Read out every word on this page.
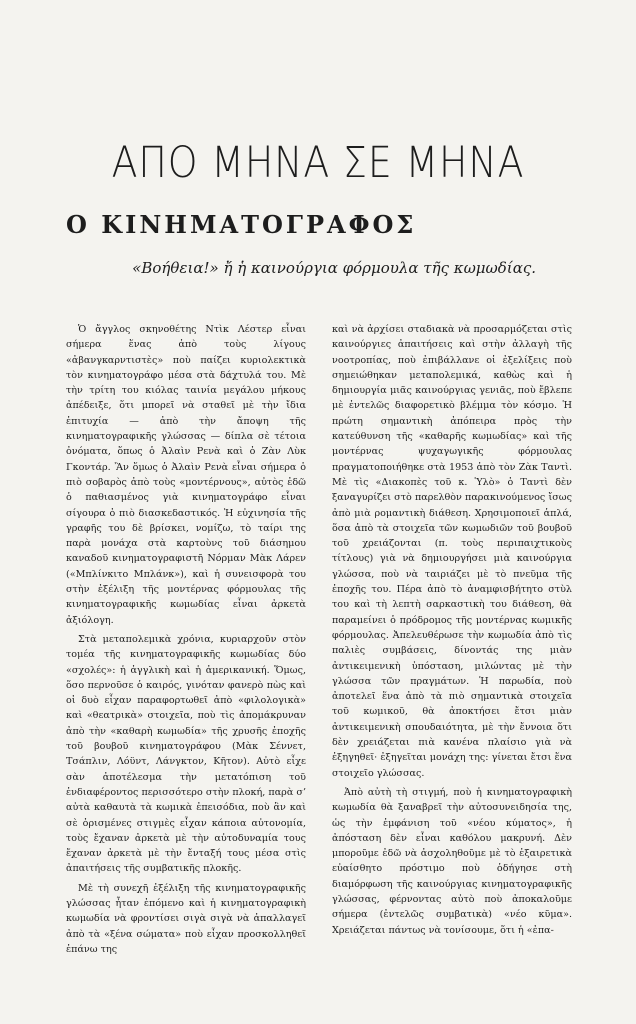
ΑΠΟ ΜΗΝΑ ΣΕ ΜΗΝΑ
Ο ΚΙΝΗΜΑΤΟΓΡΑΦΟΣ

«Βοήθεια!» ἤ ἡ καινούργια φόρμουλα τῆς κωμωδίας.

Ὁ ἄγγλος σκηνοθέτης Ντὶκ Λέστερ εἶναι σήμερα ἕνας ἀπὸ τοὺς λίγους «ἀβανγκαρντιστὲς» ποὺ παίζει κυριολεκτικὰ τὸν κινηματογράφο μέσα στὰ δάχτυλά του. Μὲ τὴν τρίτη του κιόλας ταινία μεγάλου μήκους ἀπέδειξε, ὅτι μπορεῖ νὰ σταθεῖ μὲ τὴν ἴδια ἐπιτυχία — ἀπὸ τὴν ἄποψη τῆς κινηματογραφικῆς γλώσσας — δίπλα σὲ τέτοια ὀνόματα, ὅπως ὁ Ἀλαὶν Ρενὰ καὶ ὁ Ζὰν Λὺκ Γκοντάρ. Ἂν ὅμως ὁ Ἀλαὶν Ρενὰ εἶναι σήμερα ὁ πιὸ σοβαρὸς ἀπὸ τοὺς «μοντέρνους», αὐτὸς ἐδῶ ὁ παθιασμένος γιὰ κινηματογράφο εἶναι σίγουρα ὁ πιὸ διασκεδαστικός. Ἡ εὐχινησία τῆς γραφῆς του δὲ βρίσκει, νομίζω, τὸ ταίρι της παρὰ μονάχα στὰ καρτοὺνς τοῦ διάσημου καναδοῦ κινηματογραφιστῆ Νόρμαν Μὰκ Λάρεν («Μπλίνκιτο Μπλάνκ»), καὶ ἡ συνεισφορὰ του στὴν ἐξέλιξη τῆς μοντέρνας φόρμουλας τῆς κινηματογραφικῆς κωμωδίας εἶναι ἀρκετὰ ἀξιόλογη.

Στὰ μεταπολεμικὰ χρόνια, κυριαρχοῦν στὸν τομέα τῆς κινηματογραφικῆς κωμωδίας δύο «σχολές»: ἡ ἀγγλικὴ καὶ ἡ ἀμερικανική. Ὅμως, ὅσο περνοῦσε ὁ καιρός, γινόταν φανερὸ πὼς καὶ οἱ δυὸ εἶχαν παραφορτωθεῖ ἀπὸ «φιλολογικὰ» καὶ «θεατρικὰ» στοιχεῖα, ποὺ τὶς ἀπομάκρυναν ἀπὸ τὴν «καθαρὴ κωμωδία» τῆς χρυσῆς ἐποχῆς τοῦ βουβοῦ κινηματογράφου (Μὰκ Σέννετ, Τσάπλιν, Λόϋντ, Λάνγκτον, Κῆτον). Αὐτὸ εἶχε σὰν ἀποτέλεσμα τὴν μετατόπιση τοῦ ἐνδιαφέροντος περισσότερο στὴν πλοκή, παρὰ σ’ αὐτὰ καθαυτὰ τὰ κωμικὰ ἐπεισόδια, ποὺ ἂν καὶ σὲ ὁρισμένες στιγμὲς εἶχαν κάποια αὐτονομία, τοὺς ἔχαναν ἀρκετὰ μὲ τὴν αὐτοδυναμία τους ἔχαναν ἀρκετὰ μὲ τὴν ἔνταξή τους μέσα στὶς ἀπαιτήσεις τῆς συμβατικῆς πλοκῆς.

Μὲ τὴ συνεχῆ ἐξέλιξη τῆς κινηματογραφικῆς γλώσσας ἦταν ἑπόμενο καὶ ἡ κινηματογραφικὴ κωμωδία νὰ φροντίσει σιγὰ σιγὰ νὰ ἀπαλλαγεῖ ἀπὸ τὰ «ξένα σώματα» ποὺ εἶχαν προσκολληθεῖ ἐπάνω της

καὶ νὰ ἀρχίσει σταδιακὰ νὰ προσαρμόζεται στὶς καινούργιες ἀπαιτήσεις καὶ στὴν ἀλλαγὴ τῆς νοοτροπίας, ποὺ ἐπιβάλλανε οἱ ἐξελίξεις ποὺ σημειώθηκαν μεταπολεμικά, καθὼς καὶ ἡ δημιουργία μιᾶς καινούργιας γενιᾶς, ποὺ ἔβλεπε μὲ ἐντελῶς διαφορετικὸ βλέμμα τὸν κόσμο. Ἡ πρώτη σημαντικὴ ἀπόπειρα πρὸς τὴν κατεύθυνση τῆς «καθαρῆς κωμωδίας» καὶ τῆς μοντέρνας ψυχαγωγικῆς φόρμουλας πραγματοποιήθηκε στὰ 1953 ἀπὸ τὸν Ζὰκ Ταντὶ. Μὲ τὶς «Διακοπὲς τοῦ κ. Ὑλὸ» ὁ Ταντὶ δὲν ξαναγυρίζει στὸ παρελθὸν παρακινούμενος ἴσως ἀπὸ μιὰ ρομαντικὴ διάθεση. Χρησιμοποιεῖ ἁπλά, ὅσα ἀπὸ τὰ στοιχεῖα τῶν κωμωδιῶν τοῦ βουβοῦ τοῦ χρειάζονται (π. τοὺς περιπαιχτικοὺς τίτλους) γιὰ νὰ δημιουργήσει μιὰ καινούργια γλώσσα, ποὺ νὰ ταιριάζει μὲ τὸ πνεῦμα τῆς ἐποχῆς του. Πέρα ἀπὸ τὸ ἀναμφισβήτητο στὺλ του καὶ τὴ λεπτὴ σαρκαστικὴ του διάθεση, θὰ παραμείνει ὁ πρόδρομος τῆς μοντέρνας κωμικῆς φόρμουλας. Ἀπελευθέρωσε τὴν κωμωδία ἀπὸ τὶς παλιὲς συμβάσεις, δίνοντάς της μιὰν ἀντικειμενικὴ ὑπόσταση, μιλώντας μὲ τὴν γλώσσα τῶν πραγμάτων. Ἡ παρωδία, ποὺ ἀποτελεῖ ἕνα ἀπὸ τὰ πιὸ σημαντικὰ στοιχεῖα τοῦ κωμικοῦ, θὰ ἀποκτήσει ἔτσι μιὰν ἀντικειμενικὴ σπουδαιότητα, μὲ τὴν ἔννοια ὅτι δὲν χρειάζεται πιὰ κανένα πλαίσιο γιὰ νὰ ἐξηγηθεῖ· ἐξηγεῖται μονάχη της: γίνεται ἔτσι ἕνα στοιχεῖο γλώσσας.

Ἀπὸ αὐτὴ τὴ στιγμή, ποὺ ἡ κινηματογραφικὴ κωμωδία θὰ ξαναβρεῖ τὴν αὐτοσυνειδησία της, ὡς τὴν ἐμφάνιση τοῦ «νέου κύματος», ἡ ἀπόσταση δὲν εἶναι καθόλου μακρυνή. Δὲν μποροῦμε ἐδῶ νὰ ἀσχοληθοῦμε μὲ τὸ ἐξαιρετικὰ εὐαίσθητο πρόστιμο ποὺ ὁδήγησε στὴ διαμόρφωση τῆς καινούργιας κινηματογραφικῆς γλώσσας, φέρνοντας αὐτὸ ποὺ ἀποκαλοῦμε σήμερα (ἐντελῶς συμβατικὰ) «νέο κῦμα». Χρειάζεται πάντως νὰ τονίσουμε, ὅτι ἡ «ἐπα-
